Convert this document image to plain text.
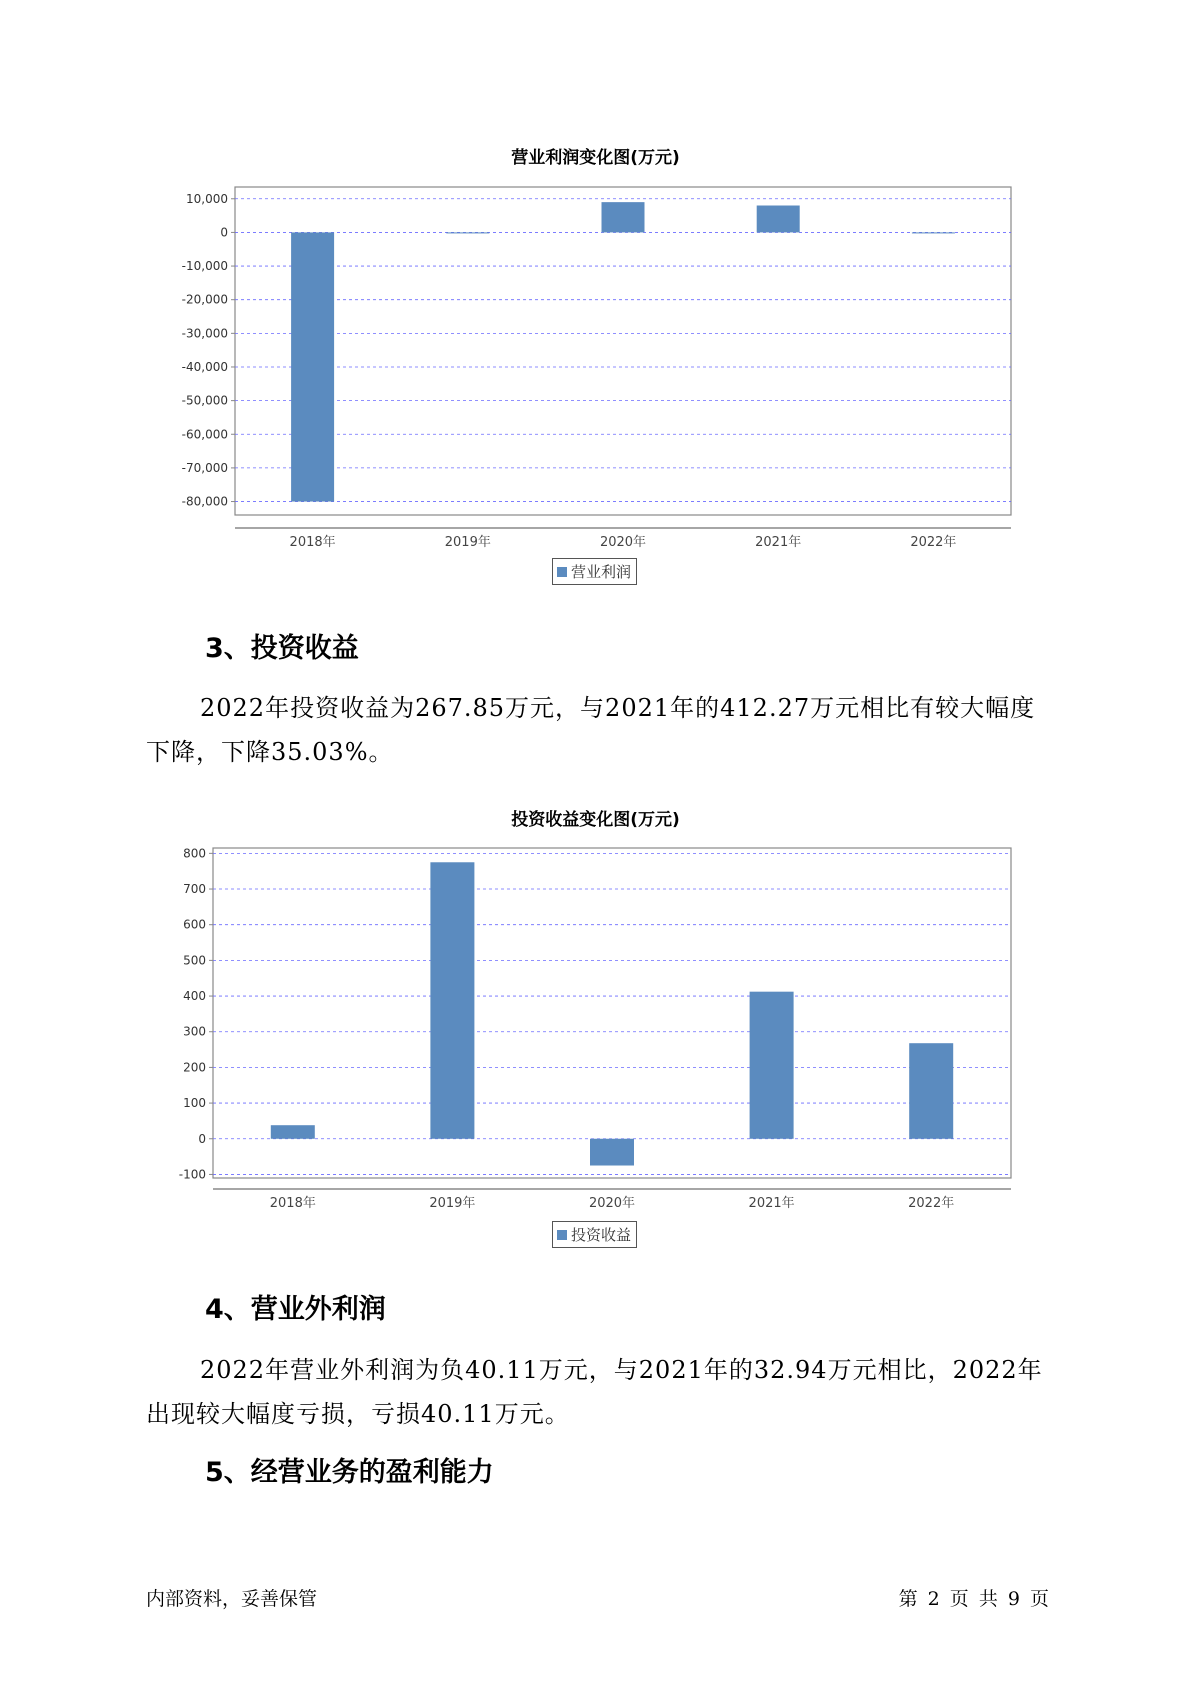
营业利润变化图(万元)
10,000
0
-10,000
-20,000
-30,000
-40,000
-50,000
-60,000
-70,000
-80,000
2018年	2019年	2020年	2021年	2022年
营业利润
3、投资收益
2022年投资收益为267.85万元，与2021年的412.27万元相比有较大幅度下降，下降35.03%。
投资收益变化图(万元)
800
700
600
500
400
300
200
100
0
-100
2018年	2019年	2020年	2021年	2022年
投资收益
4、营业外利润
2022年营业外利润为负40.11万元，与2021年的32.94万元相比，2022年出现较大幅度亏损，亏损40.11万元。
5、经营业务的盈利能力
内部资料，妥善保管	第 2 页 共 9 页
